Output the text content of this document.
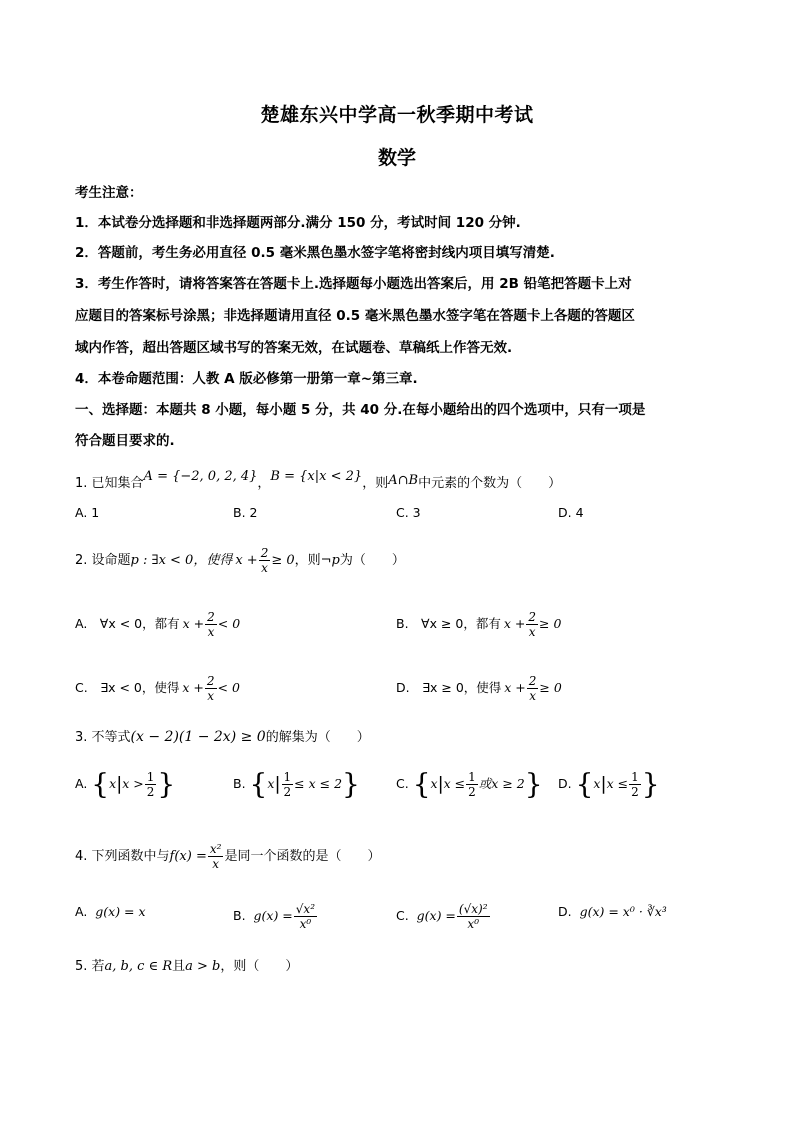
楚雄东兴中学高一秋季期中考试
数学
考生注意：
1．本试卷分选择题和非选择题两部分.满分 150 分，考试时间 120 分钟.
2．答题前，考生务必用直径 0.5 毫米黑色墨水签字笔将密封线内项目填写清楚.
3．考生作答时，请将答案答在答题卡上.选择题每小题选出答案后，用 2B 铅笔把答题卡上对
应题目的答案标号涂黑；非选择题请用直径 0.5 毫米黑色墨水签字笔在答题卡上各题的答题区
域内作答，超出答题区域书写的答案无效，在试题卷、草稿纸上作答无效.
4．本卷命题范围：人教 A 版必修第一册第一章~第三章.
一、选择题：本题共 8 小题，每小题 5 分，共 40 分.在每小题给出的四个选项中，只有一项是
符合题目要求的.
1. 已知集合A = {−2, 0, 2, 4}，B = {x|x < 2}，则A∩B中元素的个数为（　　）
A. 1	B. 2	C. 3	D. 4
2. 设命题p : ∃x < 0，使得 $x + \frac{2}{x} \ge 0$，则¬p为（　　）
A.　∀x < 0，都有 $x + \frac{2}{x} < 0$	B.　∀x ≥ 0，都有 $x + \frac{2}{x} \ge 0$
C.　∃x < 0，使得 $x + \frac{2}{x} < 0$	D.　∃x ≥ 0，使得 $x + \frac{2}{x} \ge 0$
3. 不等式(x − 2)(1 − 2x) ≥ 0的解集为（　　）
A. {$x|x > \frac{1}{2}$ }	B. $\{x| \frac{1}{2} \le x \le 2\}$	C. {$x|x \le \frac{1}{2}$ 或x ≥ 2} D. {$x|x \le \frac{1}{2}$ }
4. 下列函数中与$f(x) = \frac{\text{x²}}{x}$ 是同一个函数的是（　　）
A. g(x) = x	B. $g(x) = \frac{\text{√x²}}{\text{x⁰}}$	C. $g(x) = \frac{\text{(√x)²}}{\text{x⁰}}$	D. g(x) = x⁰ · ∛x³
5. 若a, b, c ∈ R且a > b，则（　　）
